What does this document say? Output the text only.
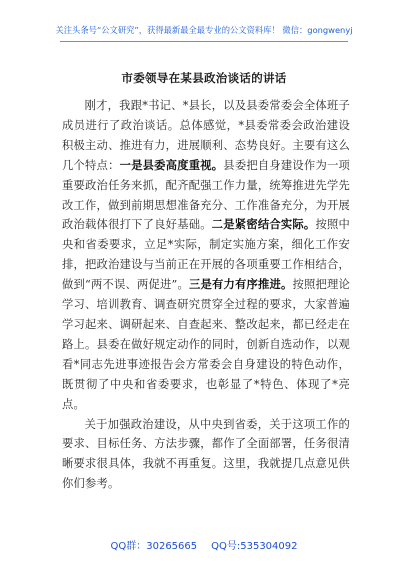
关注头条号“公文研究”，获得最新最全最专业的公文资料库！ 微信：gongwenyj
市委领导在某县政治谈话的讲话

刚才，我跟*书记、*县长，以及县委常委会全体班子成员进行了政治谈话。总体感觉，*县委常委会政治建设积极主动、推进有力，进展顺利、态势良好。主要有这么几个特点：一是县委高度重视。县委把自身建设作为一项重要政治任务来抓，配齐配强工作力量，统筹推进先学先改工作，做到前期思想准备充分、工作准备充分，为开展政治载体很打下了良好基础。二是紧密结合实际。按照中央和省委要求，立足*实际，制定实施方案，细化工作安排，把政治建设与当前正在开展的各项重要工作相结合，做到“两不误、两促进”。三是有力有序推进。按照把理论学习、培训教育、调查研究贯穿全过程的要求，大家普遍学习起来、调研起来、自查起来、整改起来，都已经走在路上。县委在做好规定动作的同时，创新自选动作，以观看*同志先进事迹报告会方常委会自身建设的特色动作，既贯彻了中央和省委要求，也彰显了*特色、体现了*亮点。

关于加强政治建设，从中央到省委，关于这项工作的要求、目标任务、方法步骤，都作了全面部署，任务很清晰要求很具体，我就不再重复。这里，我就提几点意见供你们参考。

QQ群：30265665 QQ号:535304092
